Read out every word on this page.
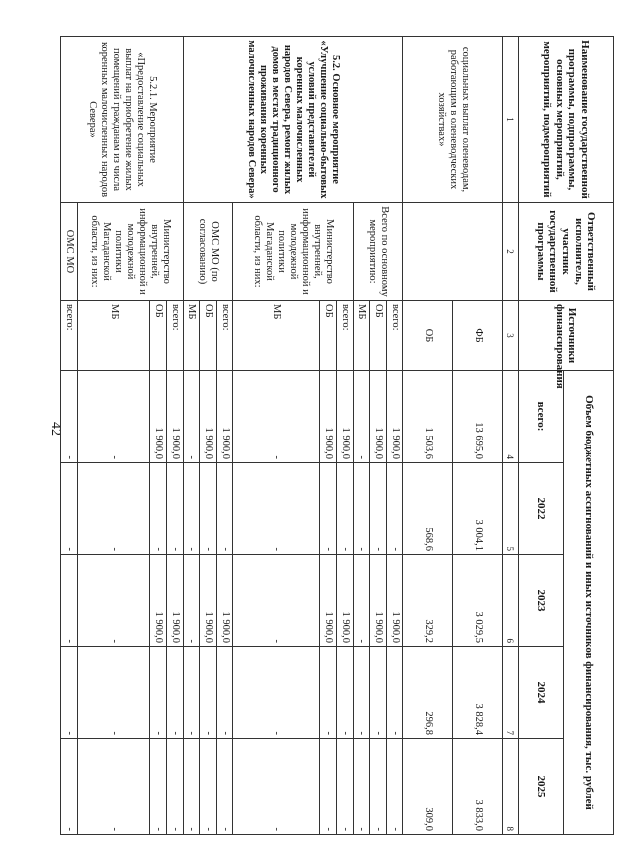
42
Наименование государственной программы, подпрограммы, основных мероприятий, мероприятий, подмероприятий	Ответственный исполнитель, участник государственной программы	Источники финансирования	Объем бюджетных ассигнований и иных источников финансирования, тыс. рублей				
			всего:	2022	2023	2024	2025
1	2	3	4	5	6	7	8
социальных выплат оленеводам, работающим в оленеводческих хозяйствах»		ФБ	13 695,0	3 004,1	3 029,5	3 828,4	3 833,0
		ОБ	1 503,6	568,6	329,2	296,8	309,0
5.2. Основное мероприятие «Улучшение социально-бытовых условий представителей коренных малочисленных народов Севера, ремонт жилых домов в местах традиционного проживания коренных малочисленных народов Севера»	Всего по основному мероприятию:	всего:	1 900,0	-	1 900,0	-	-
		ОБ	1 900,0	-	1 900,0	-	-
		МБ	-	-	-	-	-
	Министерство внутренней, информационной и молодежной политики Магаданской области, из них:	всего:	1 900,0	-	1 900,0	-	-
		ОБ	1 900,0	-	1 900,0	-	-
		МБ	-	-	-	-	-
	ОМС МО (по согласованию)	всего:	1 900,0	-	1 900,0	-	-
		ОБ	1 900,0	-	1 900,0	-	-
		МБ	-	-	-	-	-
5.2.1. Мероприятие «Предоставление социальных выплат на приобретение жилых помещений гражданам из числа коренных малочисленных народов Севера»	Министерство внутренней, информационной и молодежной политики Магаданской области, из них:	всего:	1 900,0	-	1 900,0	-	-
		ОБ	1 900,0	-	1 900,0	-	-
		МБ	-	-	-	-	-
	ОМС МО	всего:	-	-	-	-	-
